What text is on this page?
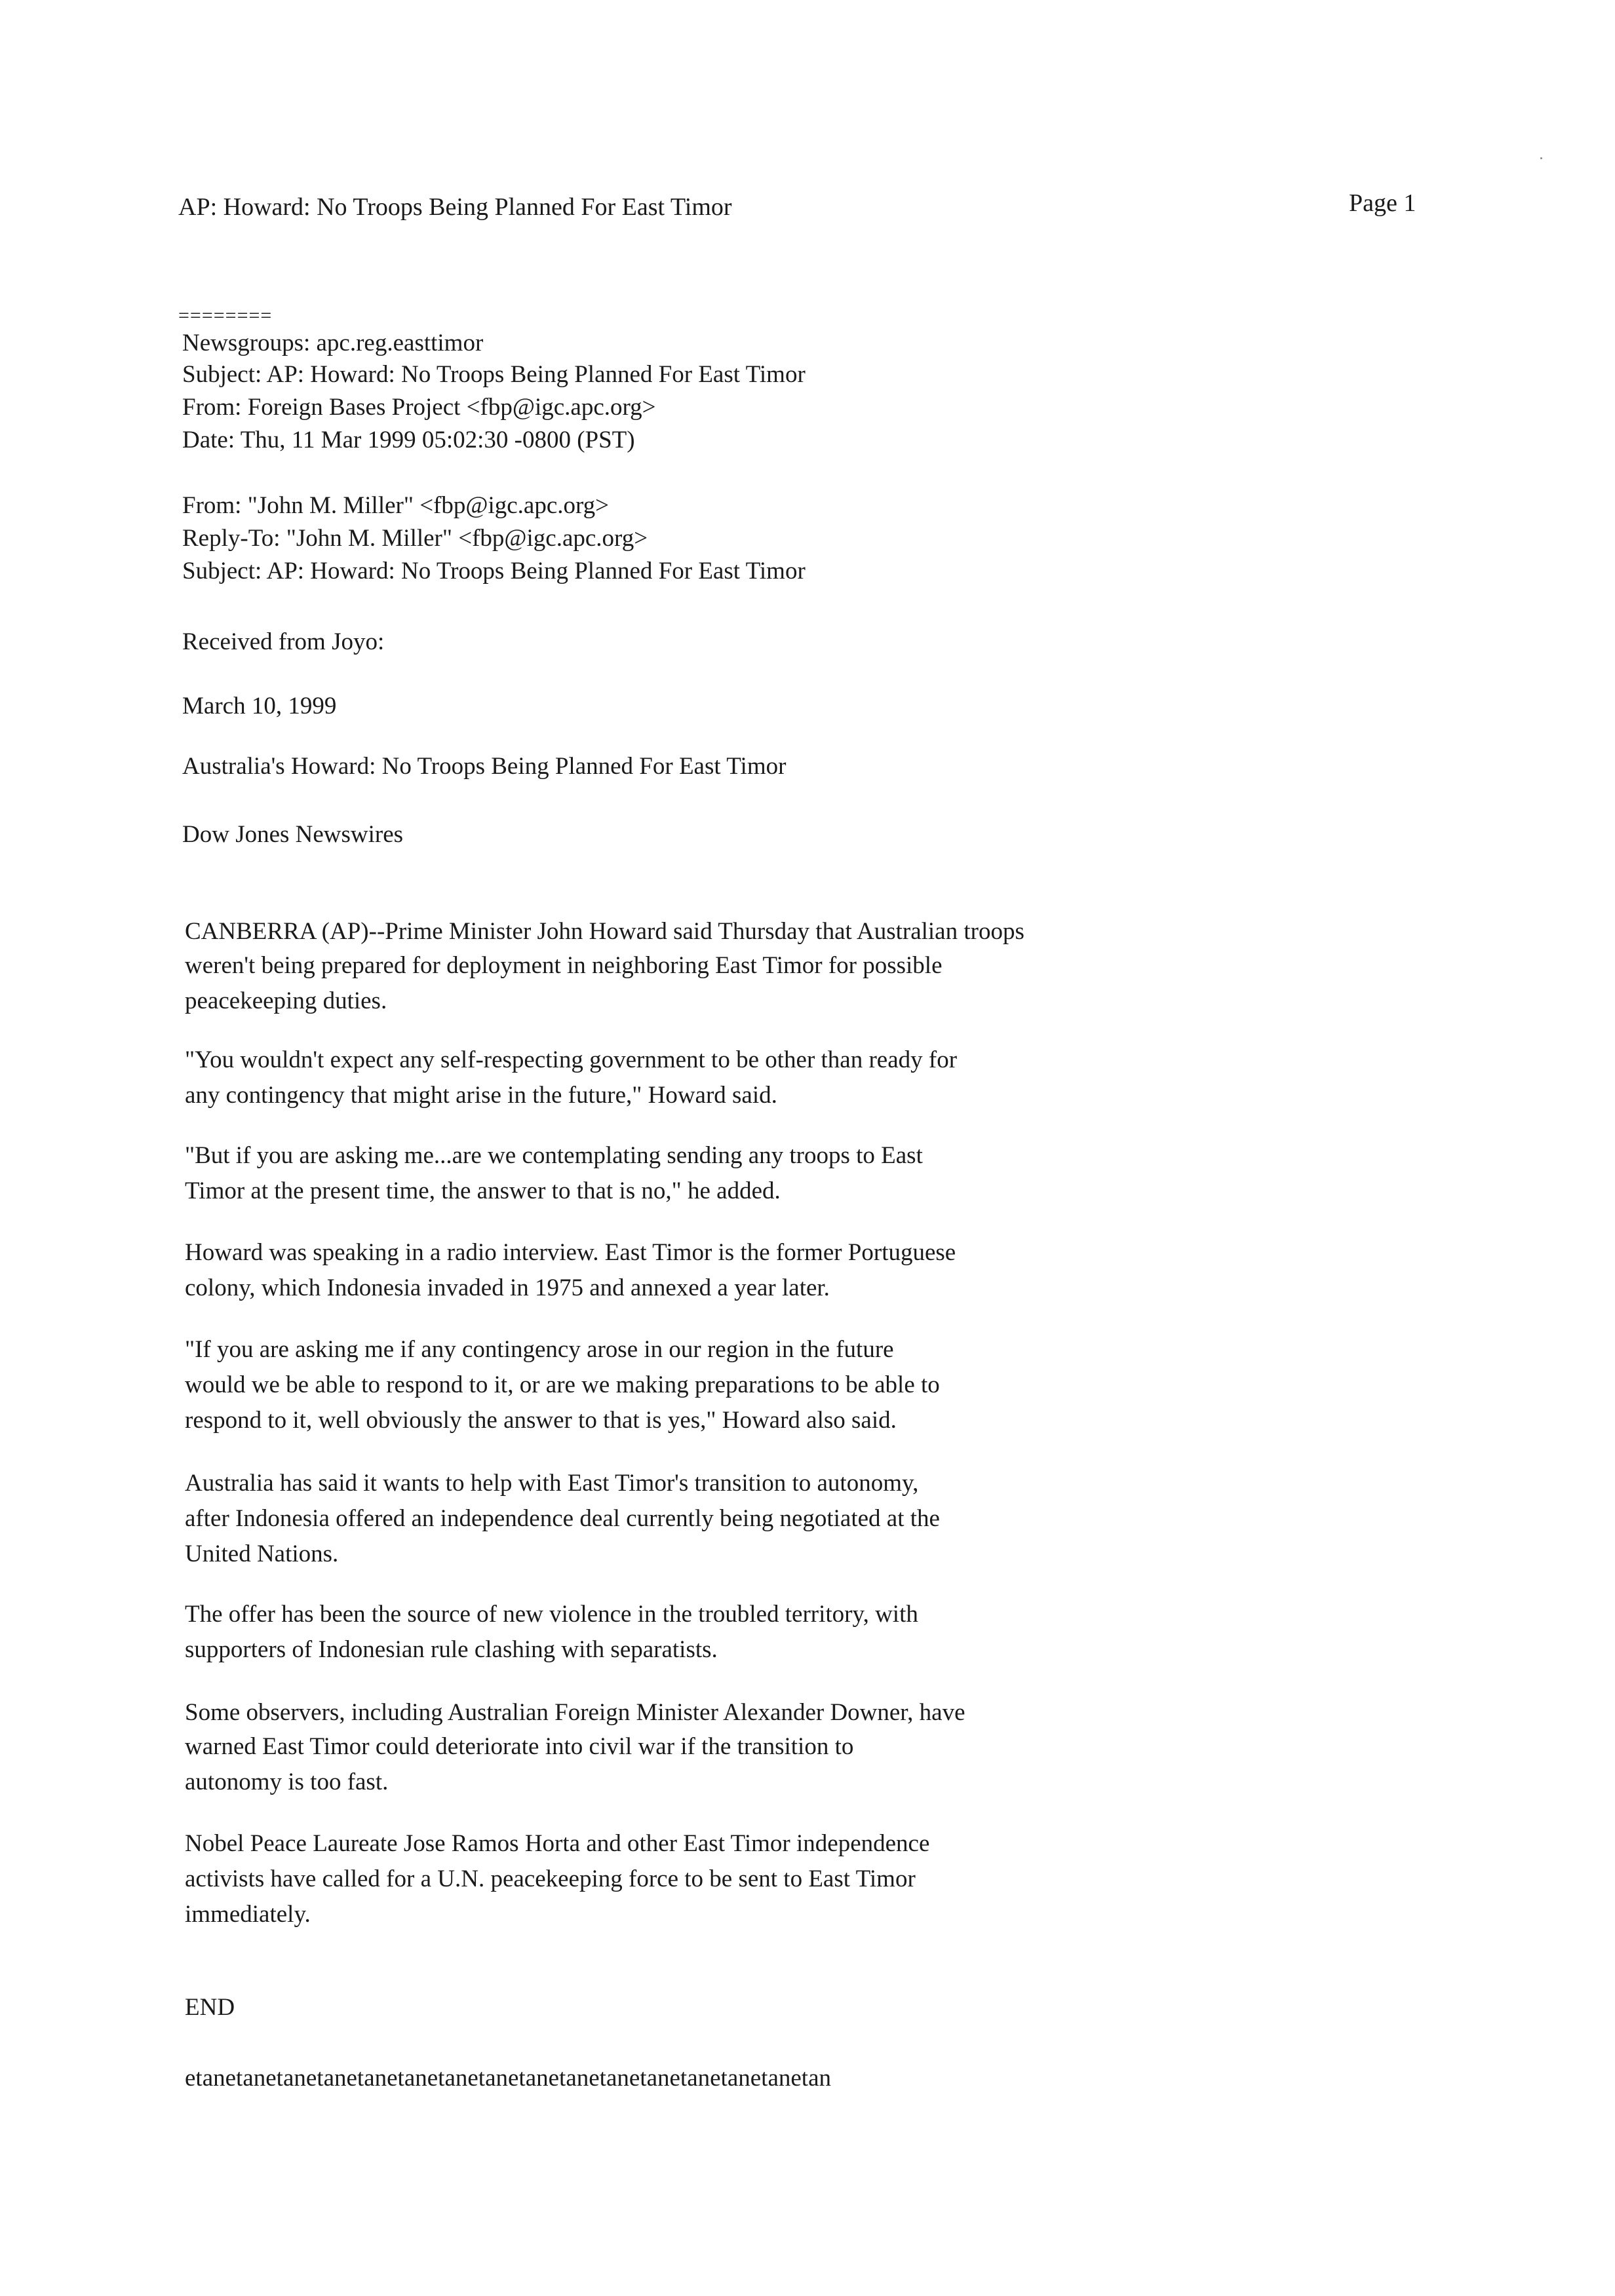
AP: Howard: No Troops Being Planned For East Timor	Page 1
========
Newsgroups: apc.reg.easttimor
Subject: AP: Howard: No Troops Being Planned For East Timor
From: Foreign Bases Project <fbp@igc.apc.org>
Date: Thu, 11 Mar 1999 05:02:30 -0800 (PST)
From: "John M. Miller" <fbp@igc.apc.org>
Reply-To: "John M. Miller" <fbp@igc.apc.org>
Subject: AP: Howard: No Troops Being Planned For East Timor
Received from Joyo:
March 10, 1999
Australia's Howard: No Troops Being Planned For East Timor
Dow Jones Newswires
CANBERRA (AP)--Prime Minister John Howard said Thursday that Australian troops
weren't being prepared for deployment in neighboring East Timor for possible
peacekeeping duties.
"You wouldn't expect any self-respecting government to be other than ready for
any contingency that might arise in the future," Howard said.
"But if you are asking me...are we contemplating sending any troops to East
Timor at the present time, the answer to that is no," he added.
Howard was speaking in a radio interview. East Timor is the former Portuguese
colony, which Indonesia invaded in 1975 and annexed a year later.
"If you are asking me if any contingency arose in our region in the future
would we be able to respond to it, or are we making preparations to be able to
respond to it, well obviously the answer to that is yes," Howard also said.
Australia has said it wants to help with East Timor's transition to autonomy,
after Indonesia offered an independence deal currently being negotiated at the
United Nations.
The offer has been the source of new violence in the troubled territory, with
supporters of Indonesian rule clashing with separatists.
Some observers, including Australian Foreign Minister Alexander Downer, have
warned East Timor could deteriorate into civil war if the transition to
autonomy is too fast.
Nobel Peace Laureate Jose Ramos Horta and other East Timor independence
activists have called for a U.N. peacekeeping force to be sent to East Timor
immediately.
END
etanetanetanetanetanetanetanetanetanetanetanetanetanetanetanetan
